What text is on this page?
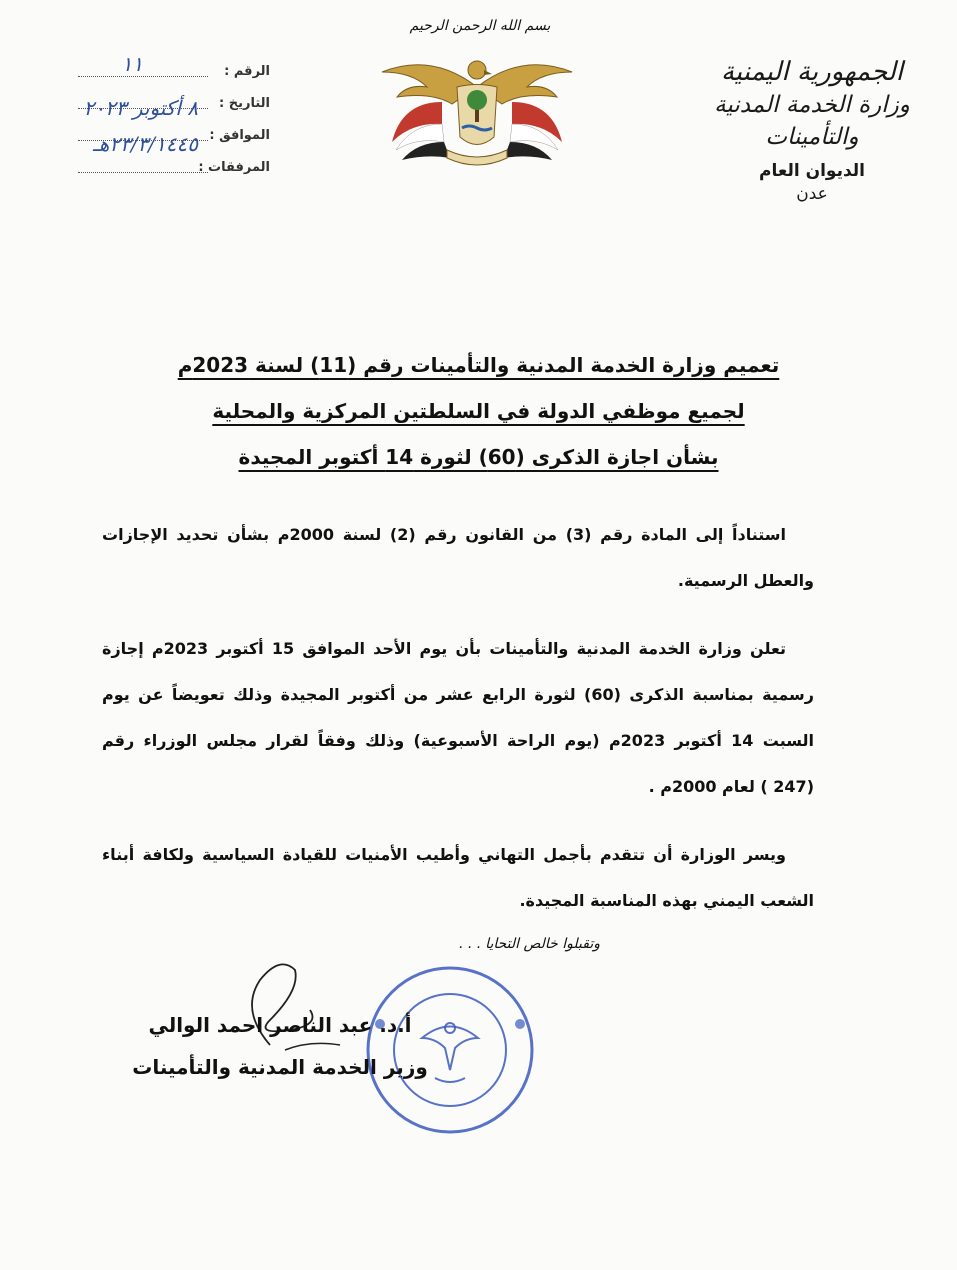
الجمهورية اليمنية
وزارة الخدمة المدنية والتأمينات
الديوان العام
عدن
بسم الله الرحمن الرحيم
الرقم :
١١
التاريخ :
٨ أكتوبر ٢٠٢٣
الموافق :
٢٣/٣/١٤٤٥هـ
المرفقات :
تعميم وزارة الخدمة المدنية والتأمينات رقم (11) لسنة 2023م
لجميع موظفي الدولة في السلطتين المركزية والمحلية
بشأن اجازة الذكرى (60) لثورة 14 أكتوبر المجيدة

استناداً إلى المادة رقم (3) من القانون رقم (2) لسنة 2000م بشأن تحديد الإجازات والعطل الرسمية.

تعلن وزارة الخدمة المدنية والتأمينات بأن يوم الأحد الموافق 15 أكتوبر 2023م إجازة رسمية بمناسبة الذكرى (60) لثورة الرابع عشر من أكتوبر المجيدة وذلك تعويضاً عن يوم السبت 14 أكتوبر 2023م (يوم الراحة الأسبوعية) وذلك وفقاً لقرار مجلس الوزراء رقم (247 ) لعام 2000م .

ويسر الوزارة أن تتقدم بأجمل التهاني وأطيب الأمنيات للقيادة السياسية ولكافة أبناء الشعب اليمني بهذه المناسبة المجيدة.

وتقبلوا خالص التحايا . . .
أ.د. عبد الناصر احمد الوالي
وزير الخدمة المدنية والتأمينات
